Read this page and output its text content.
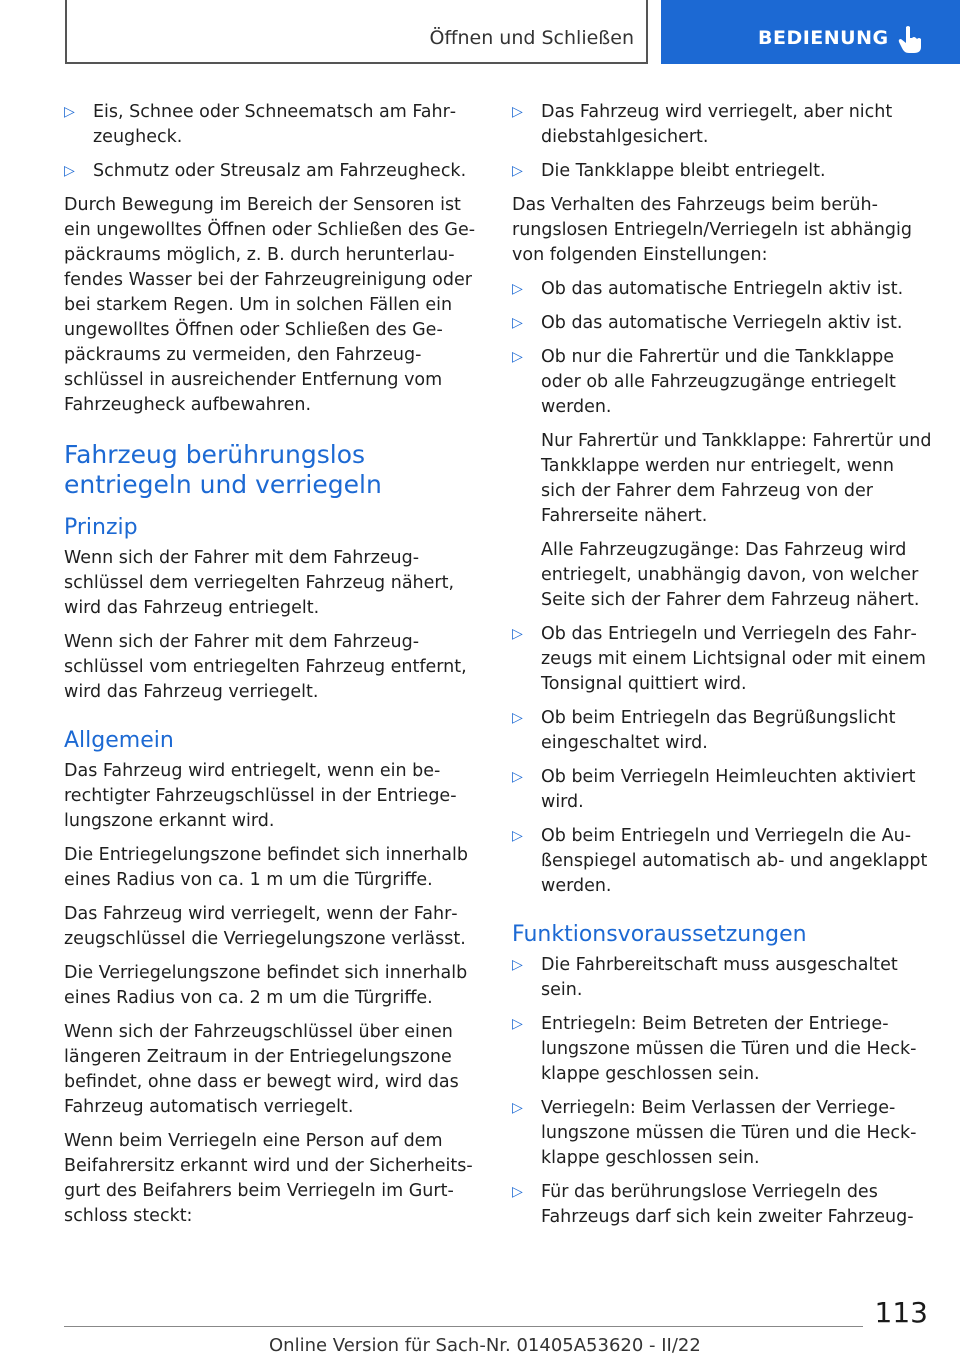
Öffnen und Schließen	BEDIENUNG
▷	Eis, Schnee oder Schneematsch am Fahrzeugheck.
▷	Schmutz oder Streusalz am Fahrzeugheck.

Durch Bewegung im Bereich der Sensoren ist ein ungewolltes Öffnen oder Schließen des Gepäckraums möglich, z. B. durch herunterlaufendes Wasser bei der Fahrzeugreinigung oder bei starkem Regen. Um in solchen Fällen ein ungewolltes Öffnen oder Schließen des Gepäckraums zu vermeiden, den Fahrzeugschlüssel in ausreichender Entfernung vom Fahrzeugheck aufbewahren.

Fahrzeug berührungslos entriegeln und verriegeln
Prinzip

Wenn sich der Fahrer mit dem Fahrzeugschlüssel dem verriegelten Fahrzeug nähert, wird das Fahrzeug entriegelt.

Wenn sich der Fahrer mit dem Fahrzeugschlüssel vom entriegelten Fahrzeug entfernt, wird das Fahrzeug verriegelt.

Allgemein

Das Fahrzeug wird entriegelt, wenn ein berechtigter Fahrzeugschlüssel in der Entriegelungszone erkannt wird.

Die Entriegelungszone befindet sich innerhalb eines Radius von ca. 1 m um die Türgriffe.

Das Fahrzeug wird verriegelt, wenn der Fahrzeugschlüssel die Verriegelungszone verlässt.

Die Verriegelungszone befindet sich innerhalb eines Radius von ca. 2 m um die Türgriffe.

Wenn sich der Fahrzeugschlüssel über einen längeren Zeitraum in der Entriegelungszone befindet, ohne dass er bewegt wird, wird das Fahrzeug automatisch verriegelt.

Wenn beim Verriegeln eine Person auf dem Beifahrersitz erkannt wird und der Sicherheitsgurt des Beifahrers beim Verriegeln im Gurtschloss steckt:

▷	Das Fahrzeug wird verriegelt, aber nicht diebstahlgesichert.
▷	Die Tankklappe bleibt entriegelt.

Das Verhalten des Fahrzeugs beim berührungslosen Entriegeln/Verriegeln ist abhängig von folgenden Einstellungen:

▷	Ob das automatische Entriegeln aktiv ist.
▷	Ob das automatische Verriegeln aktiv ist.
▷	Ob nur die Fahrertür und die Tankklappe oder ob alle Fahrzeugzugänge entriegelt werden.

Nur Fahrertür und Tankklappe: Fahrertür und Tankklappe werden nur entriegelt, wenn sich der Fahrer dem Fahrzeug von der Fahrerseite nähert.

Alle Fahrzeugzugänge: Das Fahrzeug wird entriegelt, unabhängig davon, von welcher Seite sich der Fahrer dem Fahrzeug nähert.

▷	Ob das Entriegeln und Verriegeln des Fahrzeugs mit einem Lichtsignal oder mit einem Tonsignal quittiert wird.
▷	Ob beim Entriegeln das Begrüßungslicht eingeschaltet wird.
▷	Ob beim Verriegeln Heimleuchten aktiviert wird.
▷	Ob beim Entriegeln und Verriegeln die Außenspiegel automatisch ab- und angeklappt werden.
Funktionsvoraussetzungen
▷	Die Fahrbereitschaft muss ausgeschaltet sein.
▷	Entriegeln: Beim Betreten der Entriegelungszone müssen die Türen und die Heckklappe geschlossen sein.
▷	Verriegeln: Beim Verlassen der Verriegelungszone müssen die Türen und die Heckklappe geschlossen sein.
▷	Für das berührungslose Verriegeln des Fahrzeugs darf sich kein zweiter Fahrzeug-
113
Online Version für Sach-Nr. 01405A53620 - II/22
